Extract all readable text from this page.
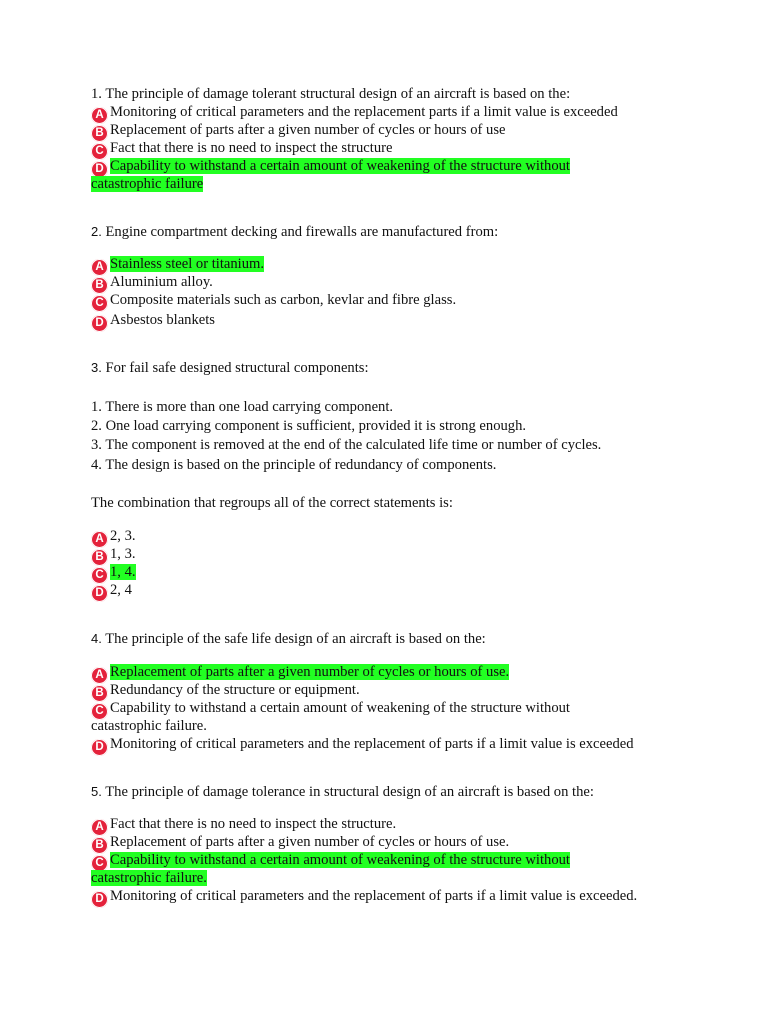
1. The principle of damage tolerant structural design of an aircraft is based on the:
A Monitoring of critical parameters and the replacement parts if a limit value is exceeded
B Replacement of parts after a given number of cycles or hours of use
C Fact that there is no need to inspect the structure
D Capability to withstand a certain amount of weakening of the structure without
catastrophic failure
2. Engine compartment decking and firewalls are manufactured from:
A Stainless steel or titanium.
B Aluminium alloy.
C Composite materials such as carbon, kevlar and fibre glass.
D Asbestos blankets
3. For fail safe designed structural components:
1. There is more than one load carrying component.
2. One load carrying component is sufficient, provided it is strong enough.
3. The component is removed at the end of the calculated life time or number of cycles.
4. The design is based on the principle of redundancy of components.
The combination that regroups all of the correct statements is:
A 2, 3.
B 1, 3.
C 1, 4.
D 2, 4
4. The principle of the safe life design of an aircraft is based on the:
A Replacement of parts after a given number of cycles or hours of use.
B Redundancy of the structure or equipment.
C Capability to withstand a certain amount of weakening of the structure without
catastrophic failure.
D Monitoring of critical parameters and the replacement of parts if a limit value is exceeded
5. The principle of damage tolerance in structural design of an aircraft is based on the:
A Fact that there is no need to inspect the structure.
B Replacement of parts after a given number of cycles or hours of use.
C Capability to withstand a certain amount of weakening of the structure without
catastrophic failure.
D Monitoring of critical parameters and the replacement of parts if a limit value is exceeded.
